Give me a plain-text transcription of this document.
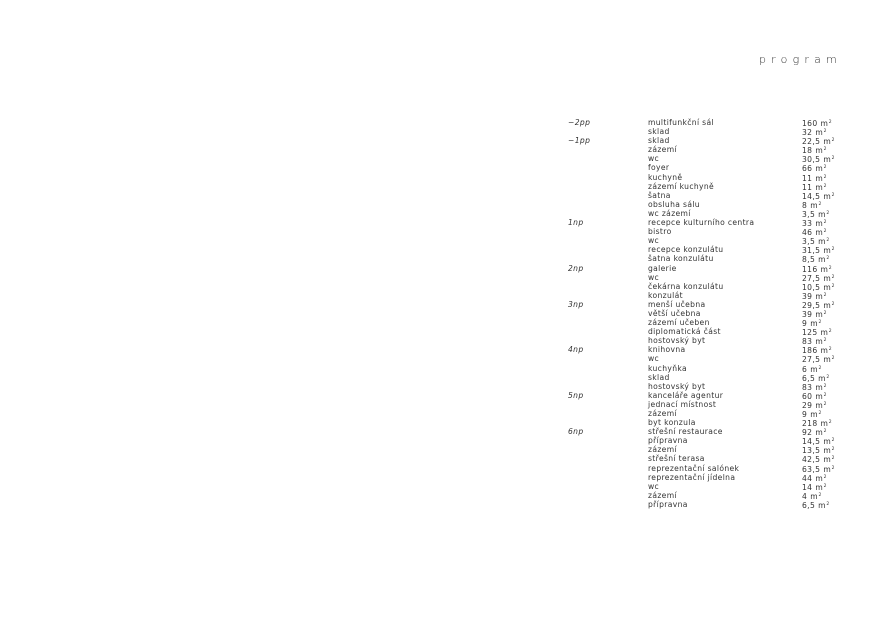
program
−2pp	multifunkční sál	160 $m^2$
sklad	32 $m^2$
−1pp	sklad	22,5 $m^2$
zázemí	18 $m^2$
wc	30,5 $m^2$
foyer	66 $m^2$
kuchyně	11 $m^2$
zázemí kuchyně	11 $m^2$
šatna	14,5 $m^2$
obsluha sálu	8 $m^2$
wc zázemí	3,5 $m^2$
1np	recepce kulturního centra	33 $m^2$
bistro	46 $m^2$
wc	3,5 $m^2$
recepce konzulátu	31,5 $m^2$
šatna konzulátu	8,5 $m^2$
2np	galerie	116 $m^2$
wc	27,5 $m^2$
čekárna konzulátu	10,5 $m^2$
konzulát	39 $m^2$
3np	menší učebna	29,5 $m^2$
větší učebna	39 $m^2$
zázemí učeben	9 $m^2$
diplomatická část	125 $m^2$
hostovský byt	83 $m^2$
4np	knihovna	186 $m^2$
wc	27,5 $m^2$
kuchyňka	6 $m^2$
sklad	6,5 $m^2$
hostovský byt	83 $m^2$
5np	kanceláře agentur	60 $m^2$
jednací místnost	29 $m^2$
zázemí	9 $m^2$
byt konzula	218 $m^2$
6np	střešní restaurace	92 $m^2$
přípravna	14,5 $m^2$
zázemí	13,5 $m^2$
střešní terasa	42,5 $m^2$
reprezentační salónek	63,5 $m^2$
reprezentační jídelna	44 $m^2$
wc	14 $m^2$
zázemí	4 $m^2$
přípravna	6,5 $m^2$
